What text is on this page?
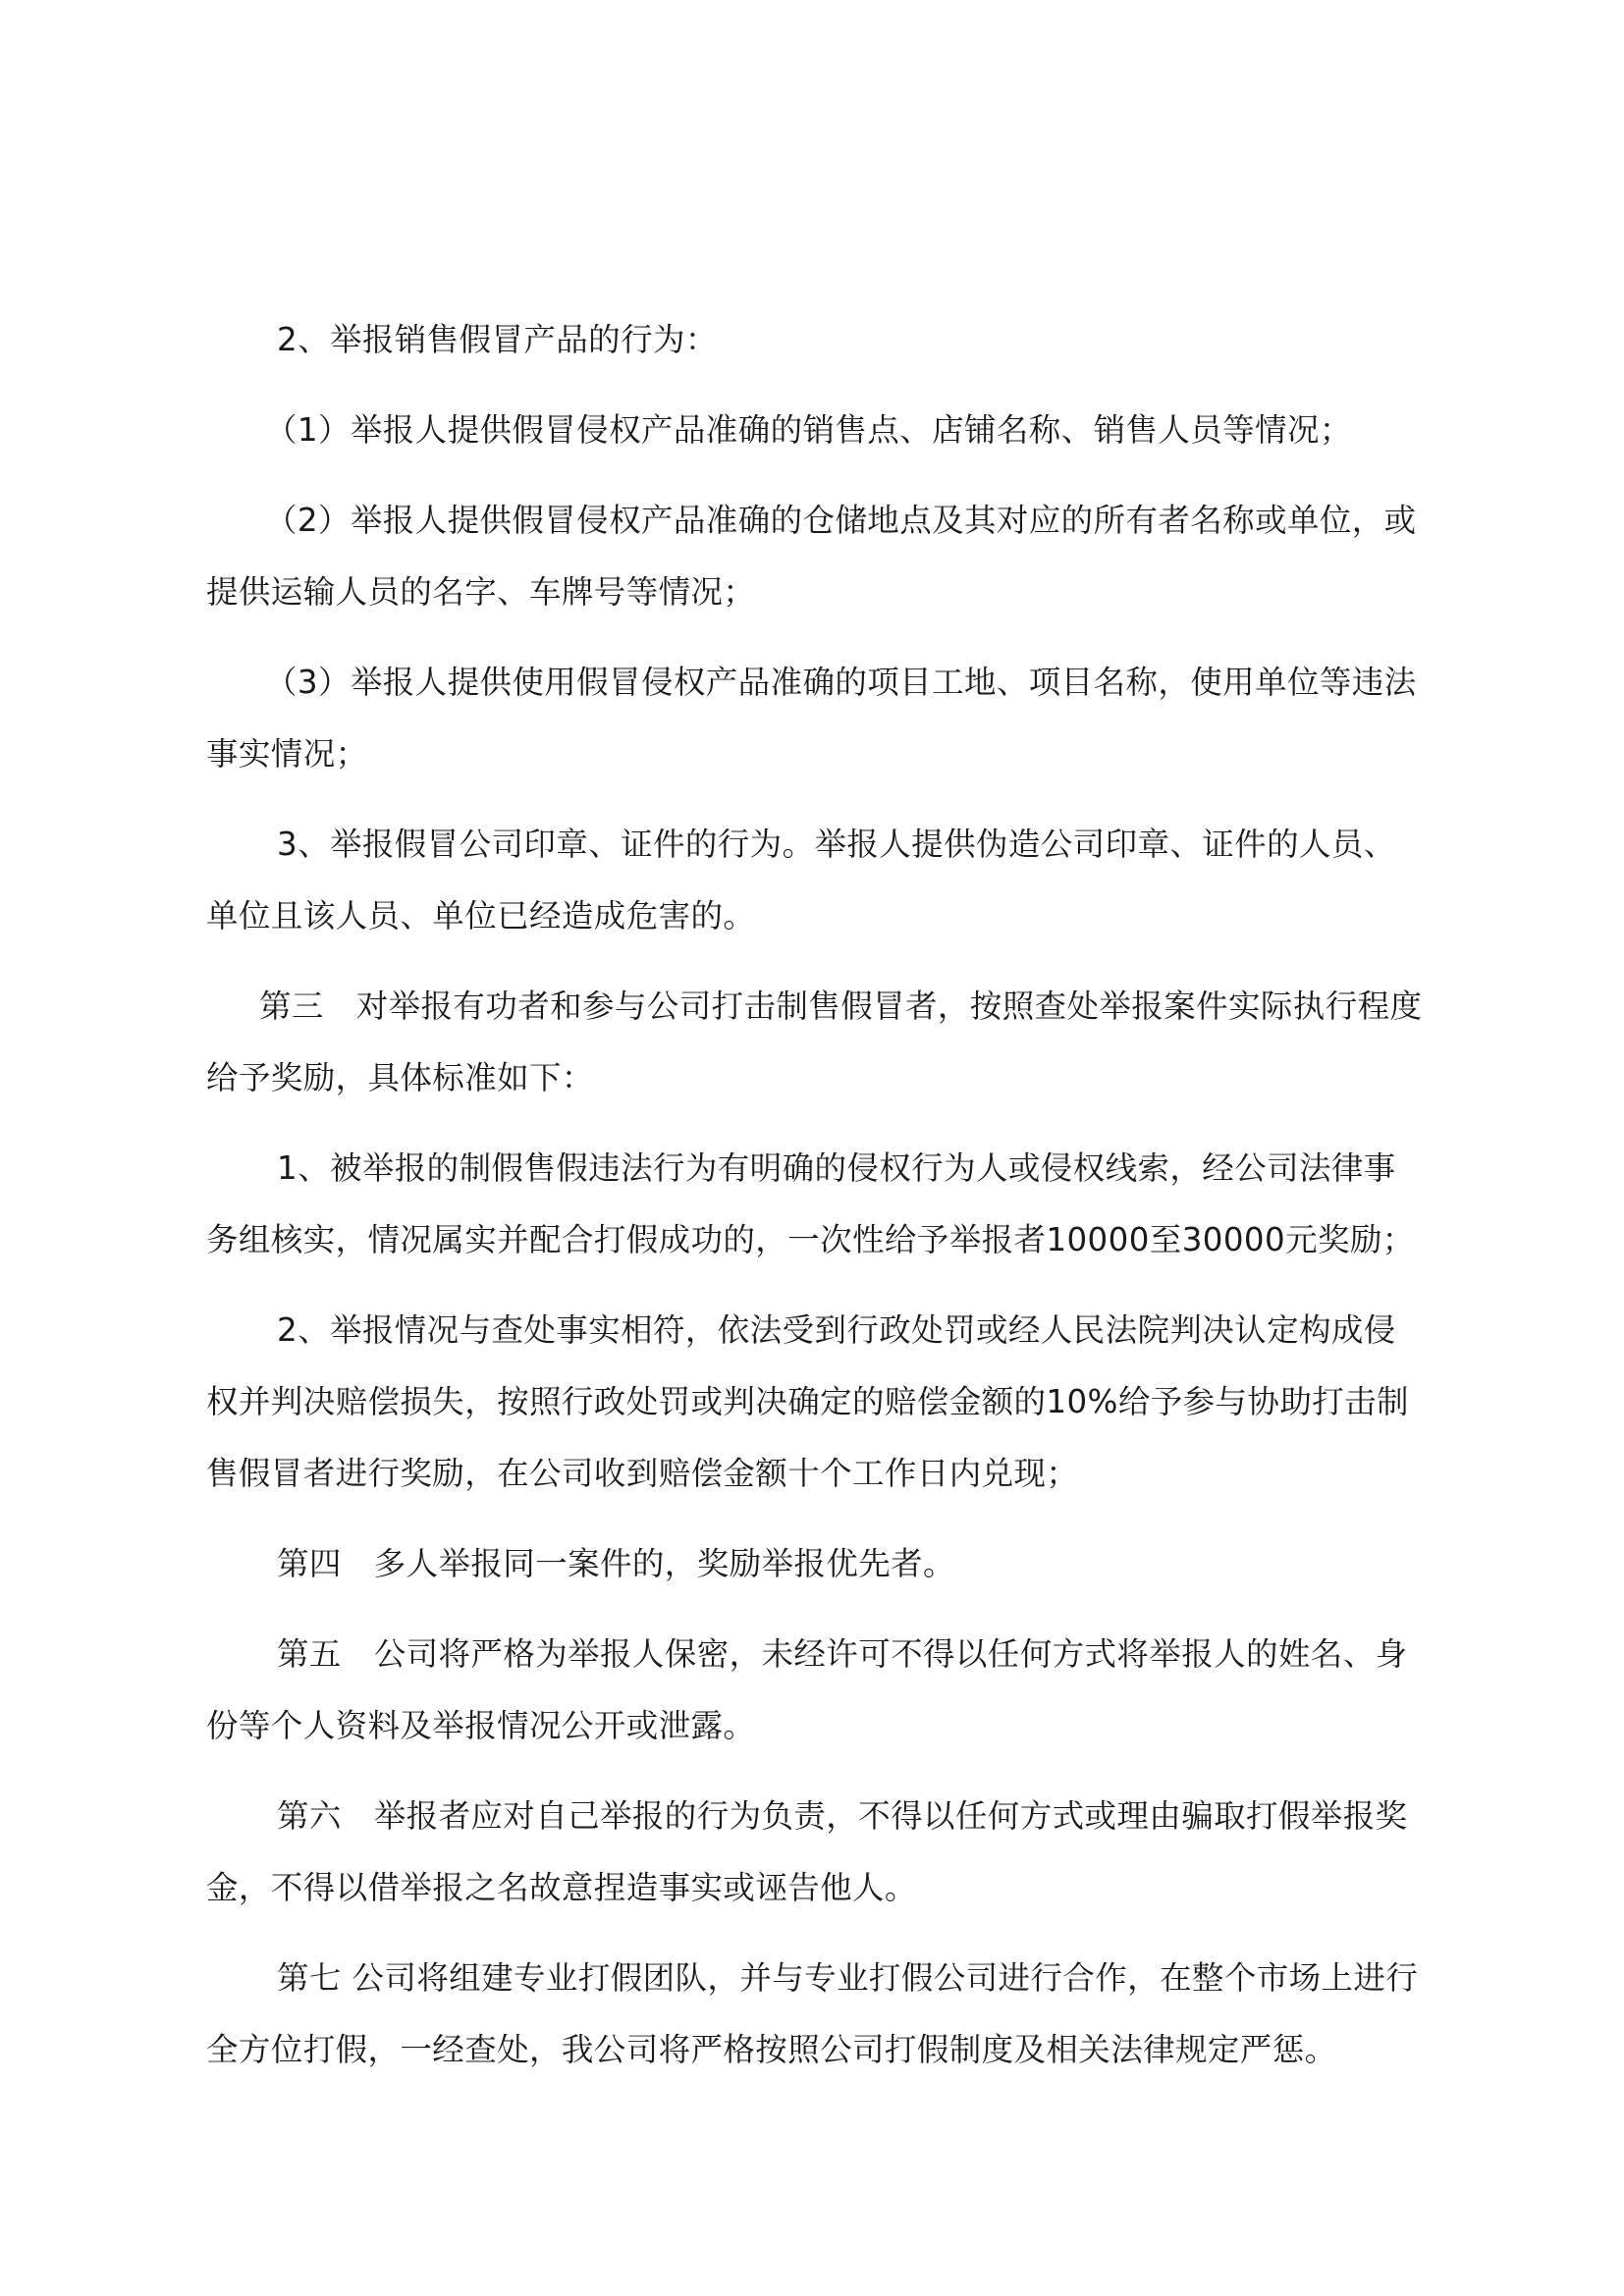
2、举报销售假冒产品的行为：

（1）举报人提供假冒侵权产品准确的销售点、店铺名称、销售人员等情况；

（2）举报人提供假冒侵权产品准确的仓储地点及其对应的所有者名称或单位，或提供运输人员的名字、车牌号等情况；

（3）举报人提供使用假冒侵权产品准确的项目工地、项目名称，使用单位等违法事实情况；

3、举报假冒公司印章、证件的行为。举报人提供伪造公司印章、证件的人员、单位且该人员、单位已经造成危害的。

第三　对举报有功者和参与公司打击制售假冒者，按照查处举报案件实际执行程度给予奖励，具体标准如下：

1、被举报的制假售假违法行为有明确的侵权行为人或侵权线索，经公司法律事务组核实，情况属实并配合打假成功的，一次性给予举报者10000至30000元奖励；

2、举报情况与查处事实相符，依法受到行政处罚或经人民法院判决认定构成侵权并判决赔偿损失，按照行政处罚或判决确定的赔偿金额的10%给予参与协助打击制售假冒者进行奖励，在公司收到赔偿金额十个工作日内兑现；

第四　多人举报同一案件的，奖励举报优先者。

第五　公司将严格为举报人保密，未经许可不得以任何方式将举报人的姓名、身份等个人资料及举报情况公开或泄露。

第六　举报者应对自己举报的行为负责，不得以任何方式或理由骗取打假举报奖金，不得以借举报之名故意捏造事实或诬告他人。

第七 公司将组建专业打假团队，并与专业打假公司进行合作，在整个市场上进行全方位打假，一经查处，我公司将严格按照公司打假制度及相关法律规定严惩。
